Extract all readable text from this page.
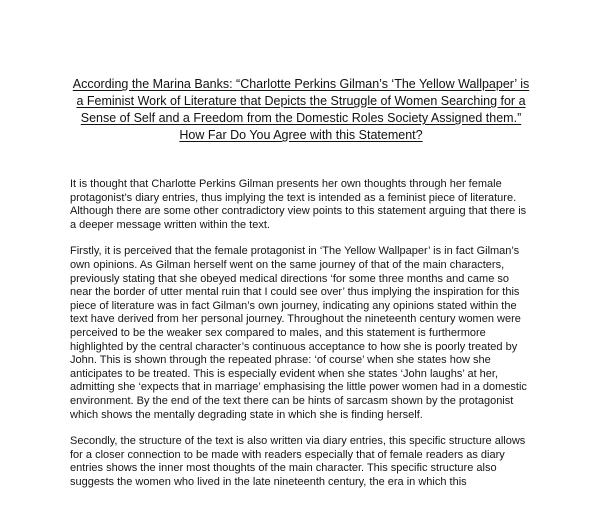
According the Marina Banks: “Charlotte Perkins Gilman’s ‘The Yellow Wallpaper’ is a Feminist Work of Literature that Depicts the Struggle of Women Searching for a Sense of Self and a Freedom from the Domestic Roles Society Assigned them.” How Far Do You Agree with this Statement?

It is thought that Charlotte Perkins Gilman presents her own thoughts through her female protagonist’s diary entries, thus implying the text is intended as a feminist piece of literature. Although there are some other contradictory view points to this statement arguing that there is a deeper message written within the text.

Firstly, it is perceived that the female protagonist in ‘The Yellow Wallpaper’ is in fact Gilman’s own opinions. As Gilman herself went on the same journey of that of the main characters, previously stating that she obeyed medical directions ‘for some three months and came so near the border of utter mental ruin that I could see over’ thus implying the inspiration for this piece of literature was in fact Gilman’s own journey, indicating any opinions stated within the text have derived from her personal journey. Throughout the nineteenth century women were perceived to be the weaker sex compared to males, and this statement is furthermore highlighted by the central character’s continuous acceptance to how she is poorly treated by John. This is shown through the repeated phrase: ‘of course’ when she states how she anticipates to be treated. This is especially evident when she states ‘John laughs’ at her, admitting she ‘expects that in marriage’ emphasising the little power women had in a domestic environment. By the end of the text there can be hints of sarcasm shown by the protagonist which shows the mentally degrading state in which she is finding herself.

Secondly, the structure of the text is also written via diary entries, this specific structure allows for a closer connection to be made with readers especially that of female readers as diary entries shows the inner most thoughts of the main character. This specific structure also suggests the women who lived in the late nineteenth century, the era in which this
